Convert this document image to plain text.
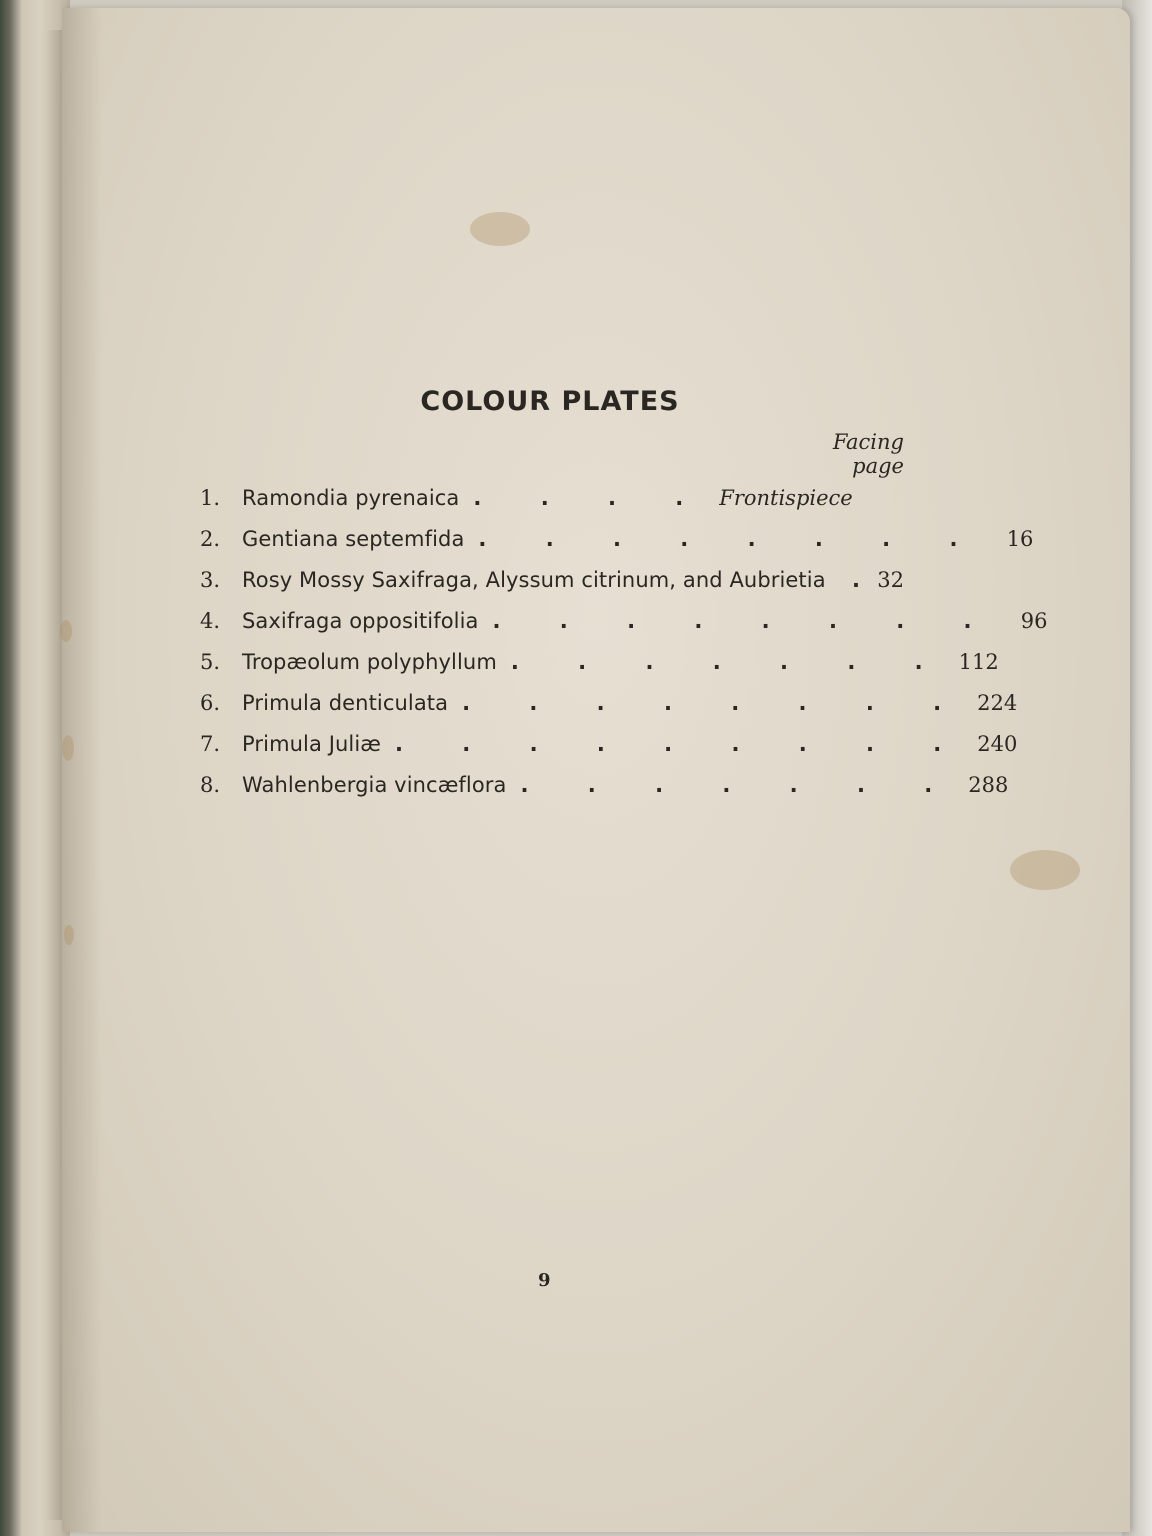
COLOUR PLATES
Facing
page
1.	Ramondia pyrenaica . . . . Frontispiece
2.	Gentiana septemfida . . . . . . . .	16
3.	Rosy Mossy Saxifraga, Alyssum citrinum, and Aubrietia	. 32
4.	Saxifraga oppositifolia . . . . . . . .	96
5.	Tropæolum polyphyllum . . . . . . . 112
6.	Primula denticulata . . . . . . . . 224
7.	Primula Juliæ . . . . . . . . . 240
8.	Wahlenbergia vincæflora . . . . . . . 288
9
